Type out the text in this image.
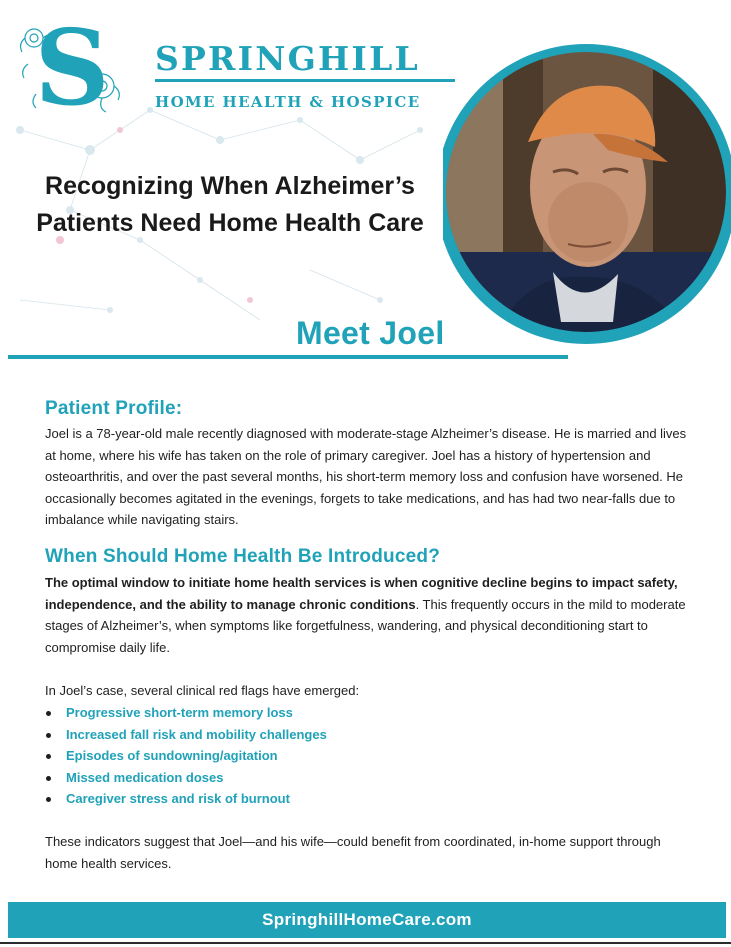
S SPRINGHILL
HOME HEALTH & HOSPICE
Recognizing When Alzheimer’s Patients Need Home Health Care
Meet Joel
Patient Profile:

Joel is a 78-year-old male recently diagnosed with moderate-stage Alzheimer’s disease. He is married and lives at home, where his wife has taken on the role of primary caregiver. Joel has a history of hypertension and osteoarthritis, and over the past several months, his short-term memory loss and confusion have worsened. He occasionally becomes agitated in the evenings, forgets to take medications, and has had two near-falls due to imbalance while navigating stairs.

When Should Home Health Be Introduced?

The optimal window to initiate home health services is when cognitive decline begins to impact safety, independence, and the ability to manage chronic conditions. This frequently occurs in the mild to moderate stages of Alzheimer’s, when symptoms like forgetfulness, wandering, and physical deconditioning start to compromise daily life.

In Joel’s case, several clinical red flags have emerged:

Progressive short-term memory loss
Increased fall risk and mobility challenges
Episodes of sundowning/agitation
Missed medication doses
Caregiver stress and risk of burnout

These indicators suggest that Joel—and his wife—could benefit from coordinated, in-home support through home health services.

SpringhillHomeCare.com
